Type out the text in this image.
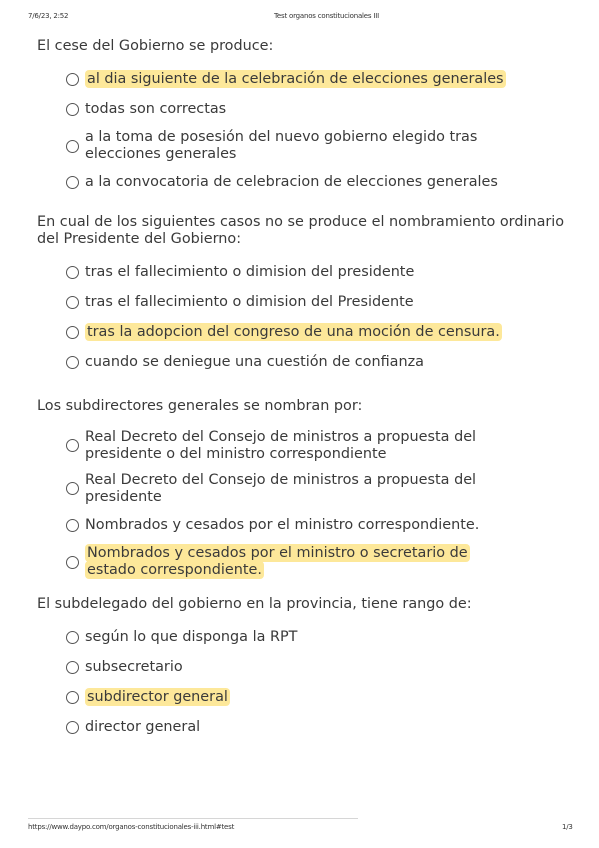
7/6/23, 2:52	Test organos constitucionales III

El cese del Gobierno se produce:

al dia siguiente de la celebración de elecciones generales
todas son correctas
a la toma de posesión del nuevo gobierno elegido tras elecciones generales
a la convocatoria de celebracion de elecciones generales

En cual de los siguientes casos no se produce el nombramiento ordinario del Presidente del Gobierno:

tras el fallecimiento o dimision del presidente
tras el fallecimiento o dimision del Presidente
tras la adopcion del congreso de una moción de censura.
cuando se deniegue una cuestión de confianza

Los subdirectores generales se nombran por:

Real Decreto del Consejo de ministros a propuesta del presidente o del ministro correspondiente
Real Decreto del Consejo de ministros a propuesta del presidente
Nombrados y cesados por el ministro correspondiente.
Nombrados y cesados por el ministro o secretario de estado correspondiente.

El subdelegado del gobierno en la provincia, tiene rango de:

según lo que disponga la RPT
subsecretario
subdirector general
director general
https://www.daypo.com/organos-constitucionales-iii.html#test	1/3
